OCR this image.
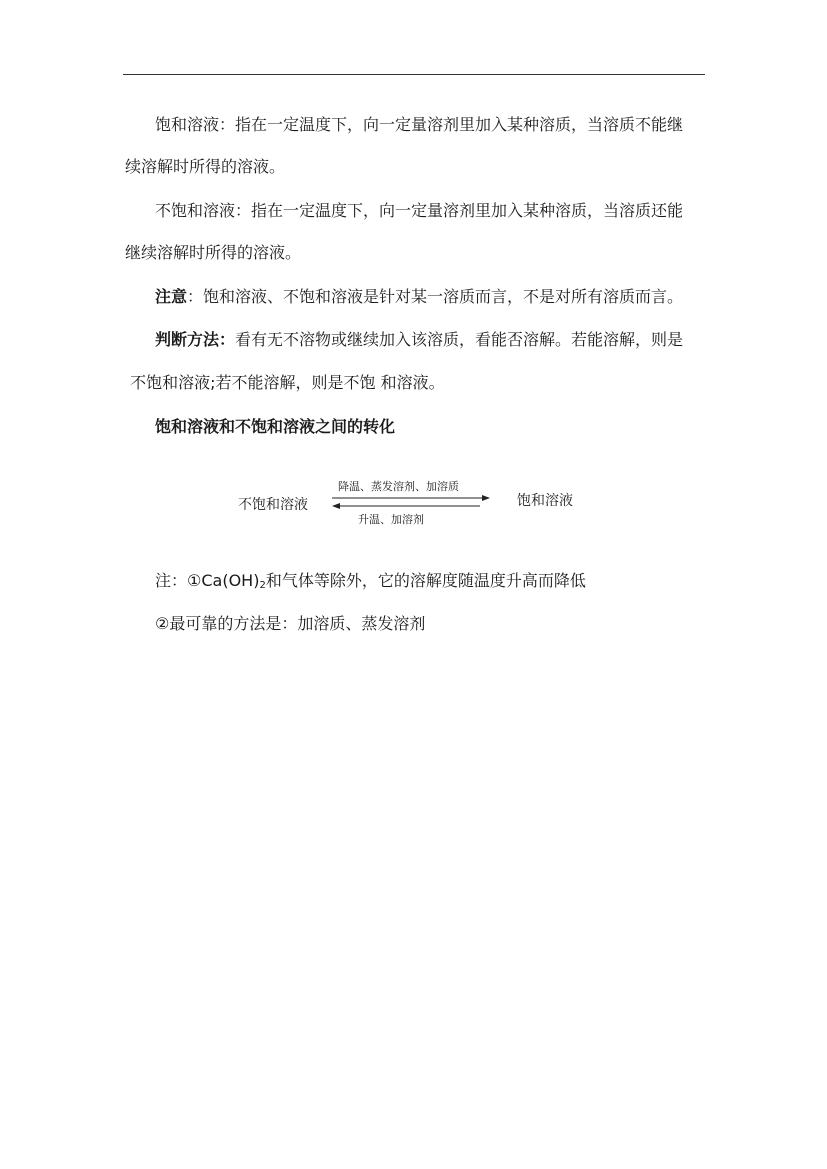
饱和溶液：指在一定温度下，向一定量溶剂里加入某种溶质，当溶质不能继

续溶解时所得的溶液。

不饱和溶液：指在一定温度下，向一定量溶剂里加入某种溶质，当溶质还能

继续溶解时所得的溶液。

注意：饱和溶液、不饱和溶液是针对某一溶质而言，不是对所有溶质而言。

判断方法：看有无不溶物或继续加入该溶质，看能否溶解。若能溶解，则是

不饱和溶液;若不能溶解，则是不饱 和溶液。

饱和溶液和不饱和溶液之间的转化

不饱和溶液
降温、蒸发溶剂、加溶质
饱和溶液
升温、加溶剂
注：$①Ca(OH)_2$和气体等除外，它的溶解度随温度升高而降低
②最可靠的方法是：加溶质、蒸发溶剂
